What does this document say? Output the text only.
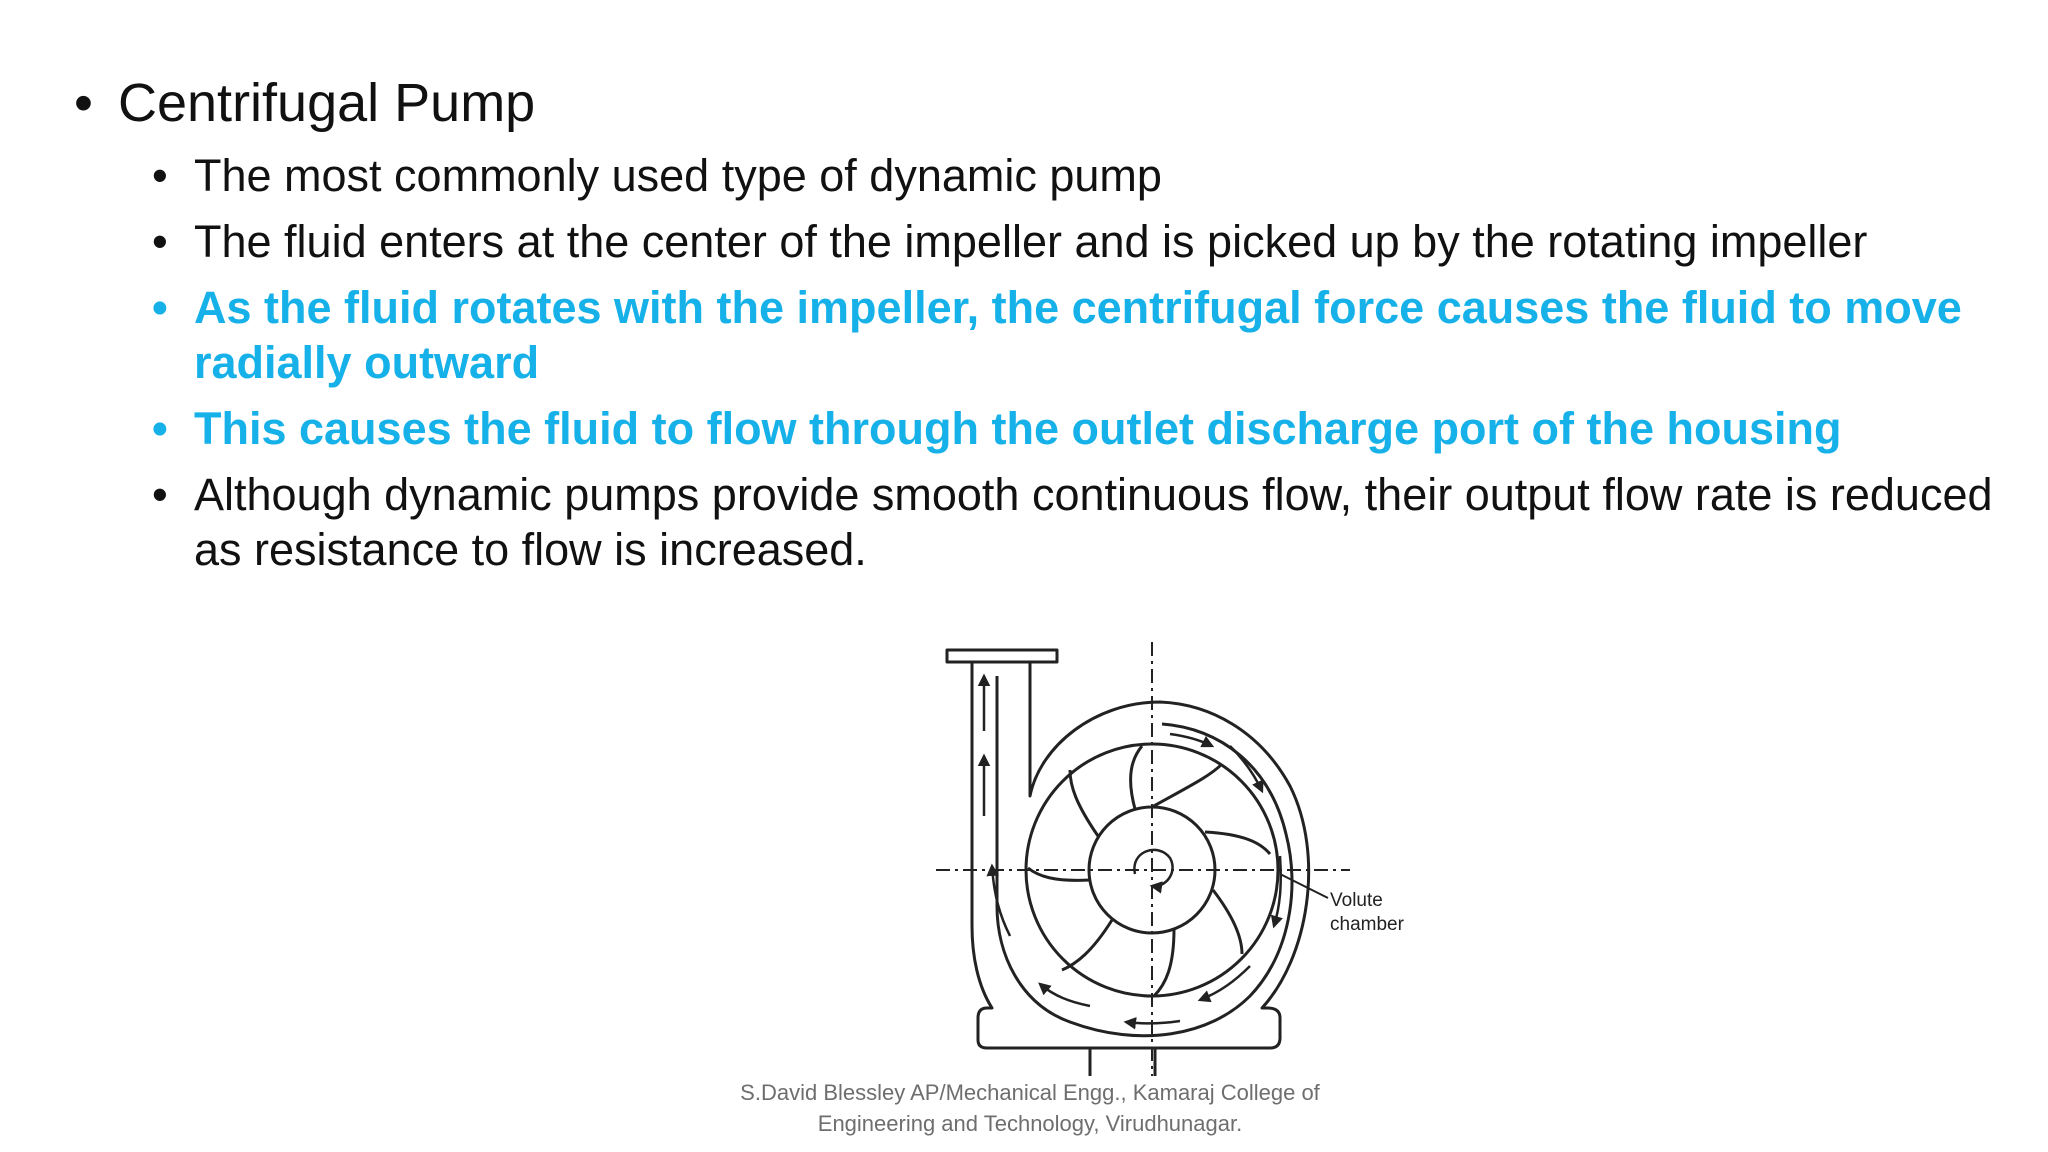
• Centrifugal Pump
• The most commonly used type of dynamic pump
• The fluid enters at the center of the impeller and is picked up by the rotating impeller
• As the fluid rotates with the impeller, the centrifugal force causes the fluid to move radially outward
• This causes the fluid to flow through the outlet discharge port of the housing
• Although dynamic pumps provide smooth continuous flow, their output flow rate is reduced as resistance to flow is increased.
Volute
chamber
S.David Blessley AP/Mechanical Engg., Kamaraj College of
Engineering and Technology, Virudhunagar.
